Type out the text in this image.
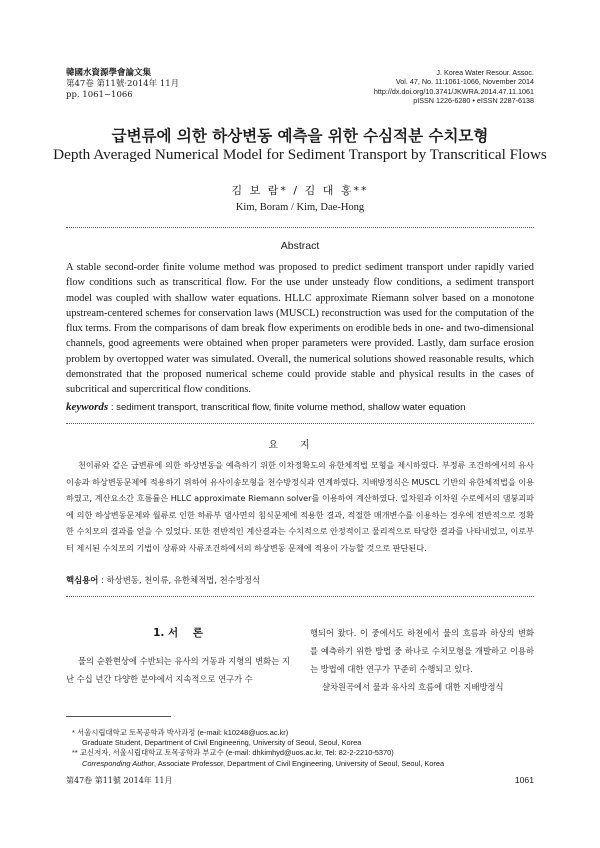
韓國水資源學會論文集
第47卷 第11號·2014年 11月
pp. 1061~1066
J. Korea Water Resour. Assoc.
Vol. 47, No. 11:1061-1066, November 2014
http://dx.doi.org/10.3741/JKWRA.2014.47.11.1061
pISSN 1226-6280 • eISSN 2287-6138
급변류에 의한 하상변동 예측을 위한 수심적분 수치모형
Depth Averaged Numerical Model for Sediment Transport by Transcritical Flows
김 보 람* / 김 대 홍**
Kim, Boram / Kim, Dae-Hong
Abstract
A stable second-order finite volume method was proposed to predict sediment transport under rapidly varied flow conditions such as transcritical flow. For the use under unsteady flow conditions, a sediment transport model was coupled with shallow water equations. HLLC approximate Riemann solver based on a monotone upstream-centered schemes for conservation laws (MUSCL) reconstruction was used for the computation of the flux terms. From the comparisons of dam break flow experiments on erodible beds in one- and two-dimensional channels, good agreements were obtained when proper parameters were provided. Lastly, dam surface erosion problem by overtopped water was simulated. Overall, the numerical solutions showed reasonable results, which demonstrated that the proposed numerical scheme could provide stable and physical results in the cases of subcritical and supercritical flow conditions.
keywords : sediment transport, transcritical flow, finite volume method, shallow water equation
요지
천이류와 같은 급변류에 의한 하상변동을 예측하기 위한 이차정확도의 유한체적법 모형을 제시하였다. 부정류 조건하에서의 유사이송과 하상변동문제에 적용하기 위하여 유사이송모형을 천수방정식과 연계하였다. 지배방정식은 MUSCL 기반의 유한체적법을 이용하였고, 계산요소간 흐름률은 HLLC approximate Riemann solver를 이용하여 계산하였다. 일차원과 이차원 수로에서의 댐붕괴파에 의한 하상변동문제와 월류로 인한 하류부 댐사면의 침식문제에 적용한 결과, 적절한 매개변수를 이용하는 경우에 전반적으로 정확한 수치모의 결과를 얻을 수 있었다. 또한 전반적인 계산결과는 수치적으로 안정적이고 물리적으로 타당한 결과를 나타내었고, 이로부터 제시된 수치모의 기법이 상류와 사류조건하에서의 하상변동 문제에 적용이 가능할 것으로 판단된다.
핵심용어 : 하상변동, 천이류, 유한체적법, 천수방정식
1. 서    론
물의 순환현상에 수반되는 유사의 거동과 지형의 변화는 지난 수십 년간 다양한 분야에서 지속적으로 연구가 수
행되어 왔다. 이 중에서도 하천에서 물의 흐름과 하상의 변화를 예측하기 위한 방법 중 하나로 수치모형을 개발하고 이용하는 방법에 대한 연구가 꾸준히 수행되고 있다.
샬차원곡에서 물과 유사의 흐름에 대한 지배방정식
* 서울시립대학교 토목공학과 박사과정 (e-mail: k10248@uos.ac.kr)
Graduate Student, Department of Civil Engineering, University of Seoul, Seoul, Korea
** 교신저자, 서울시립대학교 토목공학과 부교수 (e-mail: dhkimhyd@uos.ac.kr, Tel: 82-2-2210-5370)
Corresponding Author, Associate Professor, Department of Civil Engineering, University of Seoul, Seoul, Korea
第47卷 第11號 2014年 11月	1061
